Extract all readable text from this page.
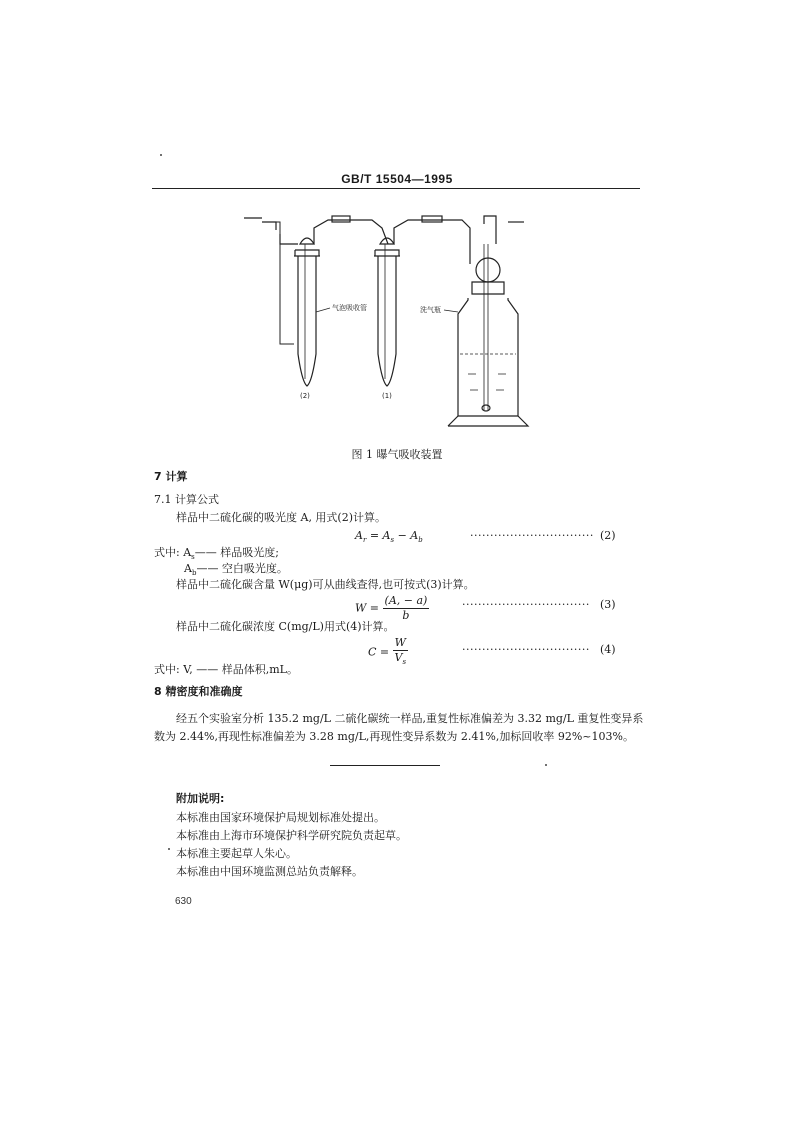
GB/T 15504—1995
气泡吸收管	洗气瓶
(2)	(1)
图 1 曝气吸收装置
7 计算
7.1 计算公式
样品中二硫化碳的吸光度 A, 用式(2)计算。
$A_r = A_s - A_b$	······························· (2)
式中: $A_s——$ 样品吸光度;
$A_b——$ 空白吸光度。
样品中二硫化碳含量 W(μg)可从曲线查得,也可按式(3)计算。
$W = \frac{(A, - a)}{b}$	································ (3)
样品中二硫化碳浓度 C(mg/L)用式(4)计算。
$C = \frac{W}{V_s}$	································ (4)
式中: V, —— 样品体积,mL。
8 精密度和准确度
经五个实验室分析 135.2 mg/L 二硫化碳统一样品,重复性标准偏差为 3.32 mg/L 重复性变异系
数为 2.44%,再现性标准偏差为 3.28 mg/L,再现性变异系数为 2.41%,加标回收率 92%~103%。
附加说明:
本标准由国家环境保护局规划标准处提出。
本标准由上海市环境保护科学研究院负责起草。
本标准主要起草人朱心。
本标准由中国环境监测总站负责解释。
630
